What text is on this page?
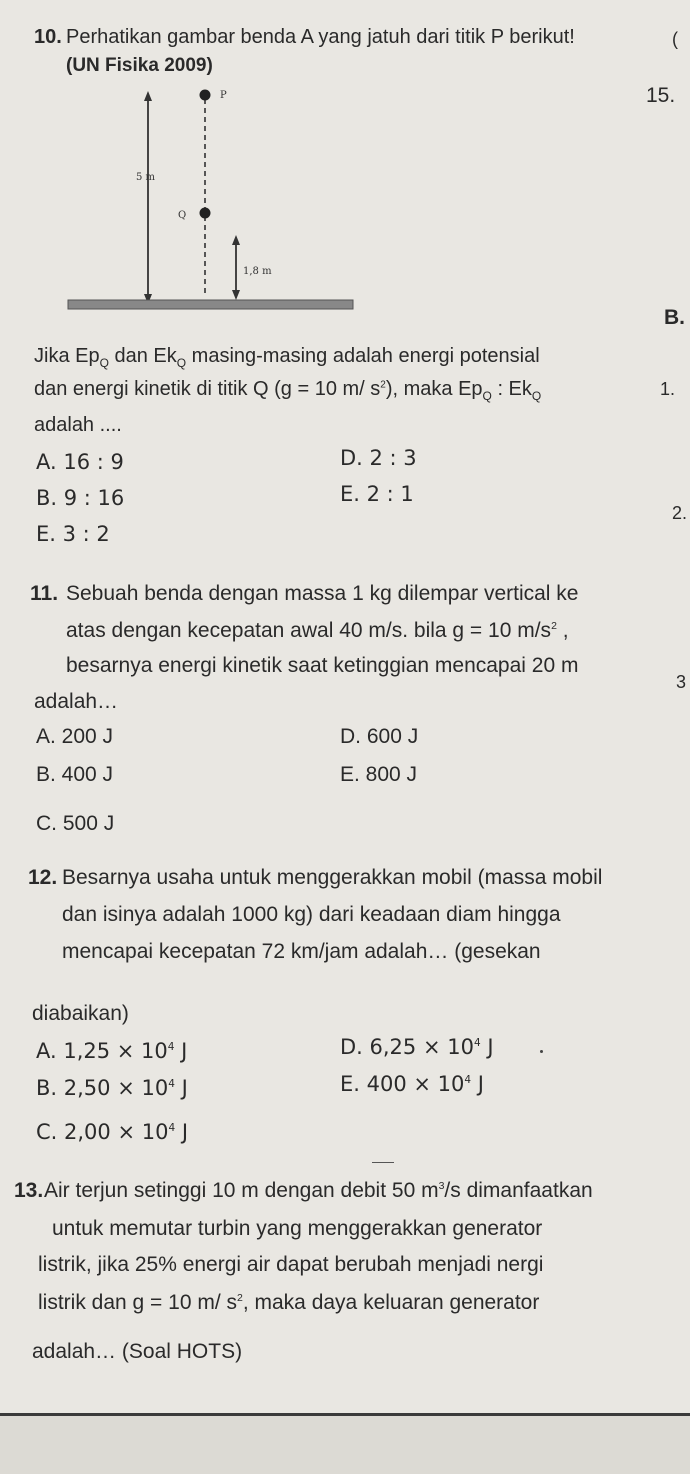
10. Perhatikan gambar benda A yang jatuh dari titik P berikut!
(UN Fisika 2009)
P
Q
5 m
1,8 m
Jika $Ep_Q$ dan $Ek_Q$ masing-masing adalah energi potensial
dan energi kinetik di titik Q (g = 10 m/ $s^2$), maka $Ep_Q$ : $Ek_Q$
adalah ....
A. 16 : 9	D. 2 : 3
B. 9 : 16	E. 2 : 1
E. 3 : 2
11. Sebuah benda dengan massa 1 kg dilempar vertical ke
atas dengan kecepatan awal 40 m/s. bila g = 10 $m/s^2$ ,
besarnya energi kinetik saat ketinggian mencapai 20 m
adalah…
A. 200 J	D. 600 J
B. 400 J	E. 800 J
C. 500 J
12. Besarnya usaha untuk menggerakkan mobil (massa mobil
dan isinya adalah 1000 kg) dari keadaan diam hingga
mencapai kecepatan 72 km/jam adalah… (gesekan
diabaikan)
A. $1,25 \times 10^4$ J	D. $6,25 \times 10^4$ J
B. $2,50 \times 10^4$ J	E. $400 \times 10^4$ J
C. $2,00 \times 10^4$ J
13. Air terjun setinggi 10 m dengan debit 50 $m^3/s$ dimanfaatkan
untuk memutar turbin yang menggerakkan generator
listrik, jika 25% energi air dapat berubah menjadi nergi
listrik dan g = 10 m/ $s^2$, maka daya keluaran generator
adalah… (Soal HOTS)
15.
B.
1.
2.
3
(
